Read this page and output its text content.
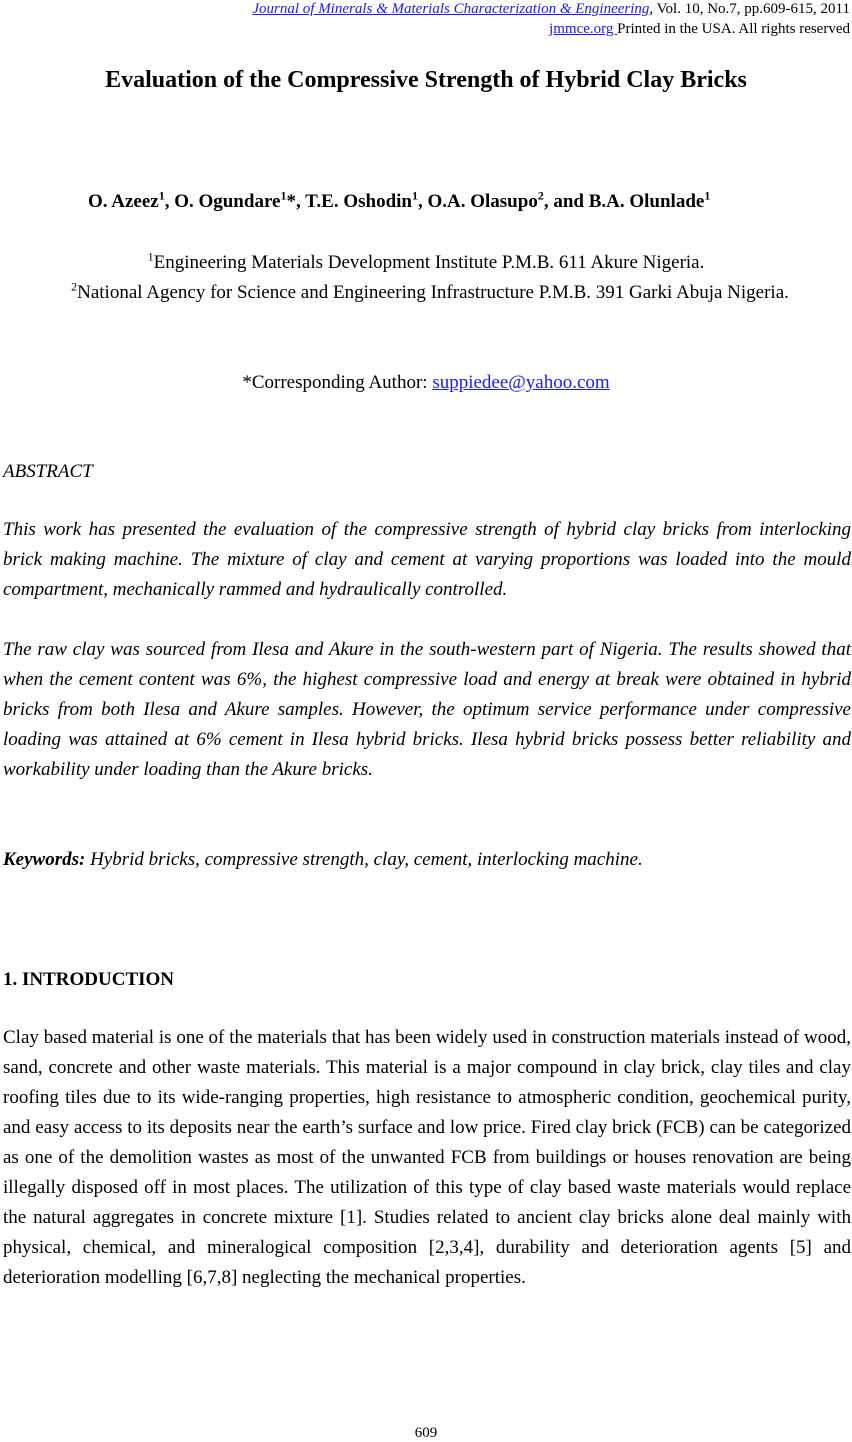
Journal of Minerals & Materials Characterization & Engineering, Vol. 10, No.7, pp.609-615, 2011
jmmce.org Printed in the USA. All rights reserved
Evaluation of the Compressive Strength of Hybrid Clay Bricks
O. Azeez$^1$, O. Ogundare$^1$*, T.E. Oshodin$^1$, O.A. Olasupo$^2$, and B.A. Olunlade$^1$
$^1$Engineering Materials Development Institute P.M.B. 611 Akure Nigeria.
$^2$National Agency for Science and Engineering Infrastructure P.M.B. 391 Garki Abuja Nigeria.
*Corresponding Author: suppiedee@yahoo.com
ABSTRACT
This work has presented the evaluation of the compressive strength of hybrid clay bricks from interlocking brick making machine. The mixture of clay and cement at varying proportions was loaded into the mould compartment, mechanically rammed and hydraulically controlled.
The raw clay was sourced from Ilesa and Akure in the south-western part of Nigeria. The results showed that when the cement content was 6%, the highest compressive load and energy at break were obtained in hybrid bricks from both Ilesa and Akure samples. However, the optimum service performance under compressive loading was attained at 6% cement in Ilesa hybrid bricks. Ilesa hybrid bricks possess better reliability and workability under loading than the Akure bricks.
Keywords: Hybrid bricks, compressive strength, clay, cement, interlocking machine.
1. INTRODUCTION
Clay based material is one of the materials that has been widely used in construction materials instead of wood, sand, concrete and other waste materials. This material is a major compound in clay brick, clay tiles and clay roofing tiles due to its wide-ranging properties, high resistance to atmospheric condition, geochemical purity, and easy access to its deposits near the earth’s surface and low price. Fired clay brick (FCB) can be categorized as one of the demolition wastes as most of the unwanted FCB from buildings or houses renovation are being illegally disposed off in most places. The utilization of this type of clay based waste materials would replace the natural aggregates in concrete mixture [1]. Studies related to ancient clay bricks alone deal mainly with physical, chemical, and mineralogical composition [2,3,4], durability and deterioration agents [5] and deterioration modelling [6,7,8] neglecting the mechanical properties.
609
